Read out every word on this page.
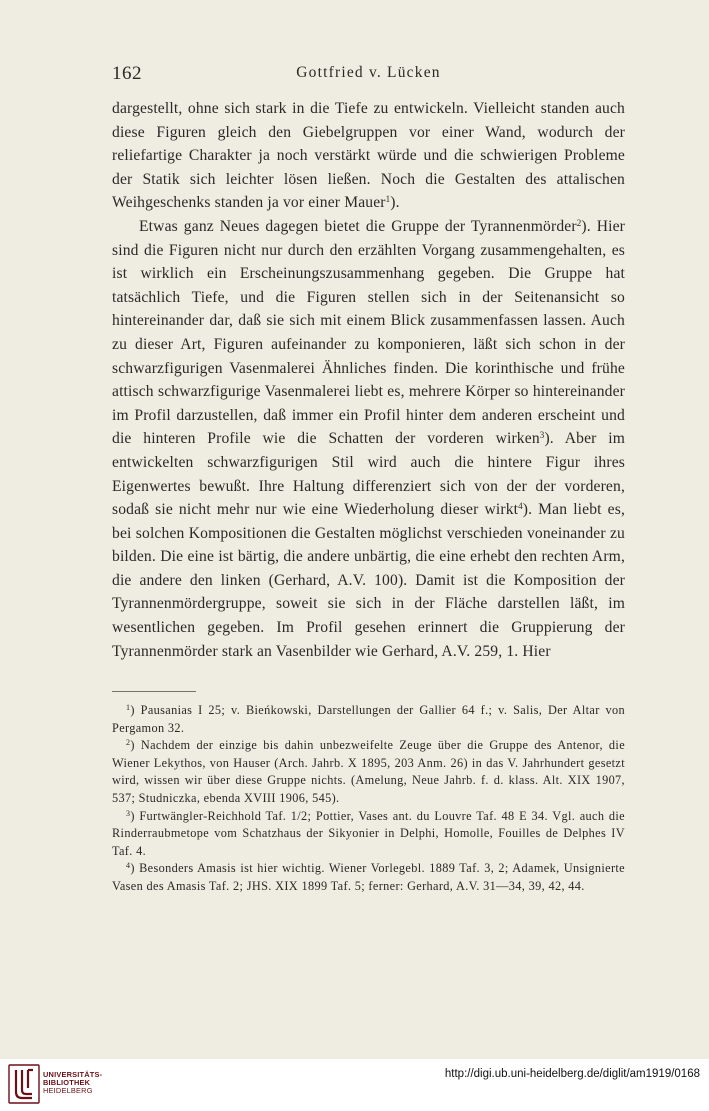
162	Gottfried v. Lücken

dargestellt, ohne sich stark in die Tiefe zu entwickeln. Vielleicht standen auch diese Figuren gleich den Giebelgruppen vor einer Wand, wodurch der reliefartige Charakter ja noch verstärkt würde und die schwierigen Probleme der Statik sich leichter lösen ließen. Noch die Gestalten des attalischen Weihgeschenks standen ja vor einer Mauer$^1$).

Etwas ganz Neues dagegen bietet die Gruppe der Tyrannenmörder$^2$). Hier sind die Figuren nicht nur durch den erzählten Vorgang zusammengehalten, es ist wirklich ein Erscheinungszusammenhang gegeben. Die Gruppe hat tatsächlich Tiefe, und die Figuren stellen sich in der Seitenansicht so hintereinander dar, daß sie sich mit einem Blick zusammenfassen lassen. Auch zu dieser Art, Figuren aufeinander zu komponieren, läßt sich schon in der schwarzfigurigen Vasenmalerei Ähnliches finden. Die korinthische und frühe attisch schwarzfigurige Vasenmalerei liebt es, mehrere Körper so hintereinander im Profil darzustellen, daß immer ein Profil hinter dem anderen erscheint und die hinteren Profile wie die Schatten der vorderen wirken$^3$). Aber im entwickelten schwarzfigurigen Stil wird auch die hintere Figur ihres Eigenwertes bewußt. Ihre Haltung differenziert sich von der der vorderen, sodaß sie nicht mehr nur wie eine Wiederholung dieser wirkt$^4$). Man liebt es, bei solchen Kompositionen die Gestalten möglichst verschieden voneinander zu bilden. Die eine ist bärtig, die andere unbärtig, die eine erhebt den rechten Arm, die andere den linken (Gerhard, A.V. 100). Damit ist die Komposition der Tyrannenmördergruppe, soweit sie sich in der Fläche darstellen läßt, im wesentlichen gegeben. Im Profil gesehen erinnert die Gruppierung der Tyrannenmörder stark an Vasenbilder wie Gerhard, A.V. 259, 1. Hier

$^1$) Pausanias I 25; v. Bieńkowski, Darstellungen der Gallier 64 f.; v. Salis, Der Altar von Pergamon 32.

$^2$) Nachdem der einzige bis dahin unbezweifelte Zeuge über die Gruppe des Antenor, die Wiener Lekythos, von Hauser (Arch. Jahrb. X 1895, 203 Anm. 26) in das V. Jahrhundert gesetzt wird, wissen wir über diese Gruppe nichts. (Amelung, Neue Jahrb. f. d. klass. Alt. XIX 1907, 537; Studniczka, ebenda XVIII 1906, 545).

$^3$) Furtwängler-Reichhold Taf. 1/2; Pottier, Vases ant. du Louvre Taf. 48 E 34. Vgl. auch die Rinderraubmetope vom Schatzhaus der Sikyonier in Delphi, Homolle, Fouilles de Delphes IV Taf. 4.

$^4$) Besonders Amasis ist hier wichtig. Wiener Vorlegebl. 1889 Taf. 3, 2; Adamek, Unsignierte Vasen des Amasis Taf. 2; JHS. XIX 1899 Taf. 5; ferner: Gerhard, A.V. 31—34, 39, 42, 44.

UNIVERSITÄTS-
BIBLIOTHEK
HEIDELBERG
http://digi.ub.uni-heidelberg.de/diglit/am1919/0168
